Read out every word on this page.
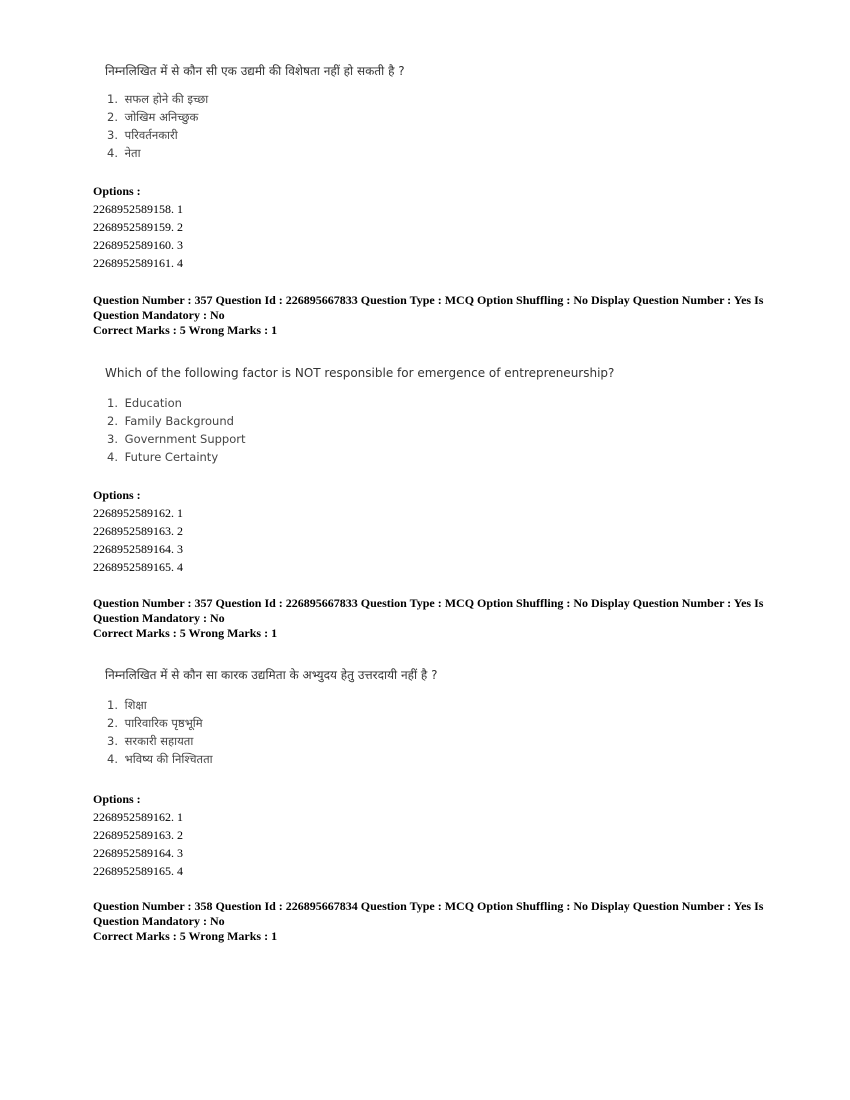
निम्नलिखित में से कौन सी एक उद्यमी की विशेषता नहीं हो सकती है ?
1. सफल होने की इच्छा
2. जोखिम अनिच्छुक
3. परिवर्तनकारी
4. नेता
Options :
2268952589158. 1
2268952589159. 2
2268952589160. 3
2268952589161. 4
Question Number : 357 Question Id : 226895667833 Question Type : MCQ Option Shuffling : No Display Question Number : Yes Is
Question Mandatory : No
Correct Marks : 5 Wrong Marks : 1
Which of the following factor is NOT responsible for emergence of entrepreneurship?
1. Education
2. Family Background
3. Government Support
4. Future Certainty
Options :
2268952589162. 1
2268952589163. 2
2268952589164. 3
2268952589165. 4
Question Number : 357 Question Id : 226895667833 Question Type : MCQ Option Shuffling : No Display Question Number : Yes Is
Question Mandatory : No
Correct Marks : 5 Wrong Marks : 1
निम्नलिखित में से कौन सा कारक उद्यमिता के अभ्युदय हेतु उत्तरदायी नहीं है ?
1. शिक्षा
2. पारिवारिक पृष्ठभूमि
3. सरकारी सहायता
4. भविष्य की निश्चितता
Options :
2268952589162. 1
2268952589163. 2
2268952589164. 3
2268952589165. 4
Question Number : 358 Question Id : 226895667834 Question Type : MCQ Option Shuffling : No Display Question Number : Yes Is
Question Mandatory : No
Correct Marks : 5 Wrong Marks : 1
